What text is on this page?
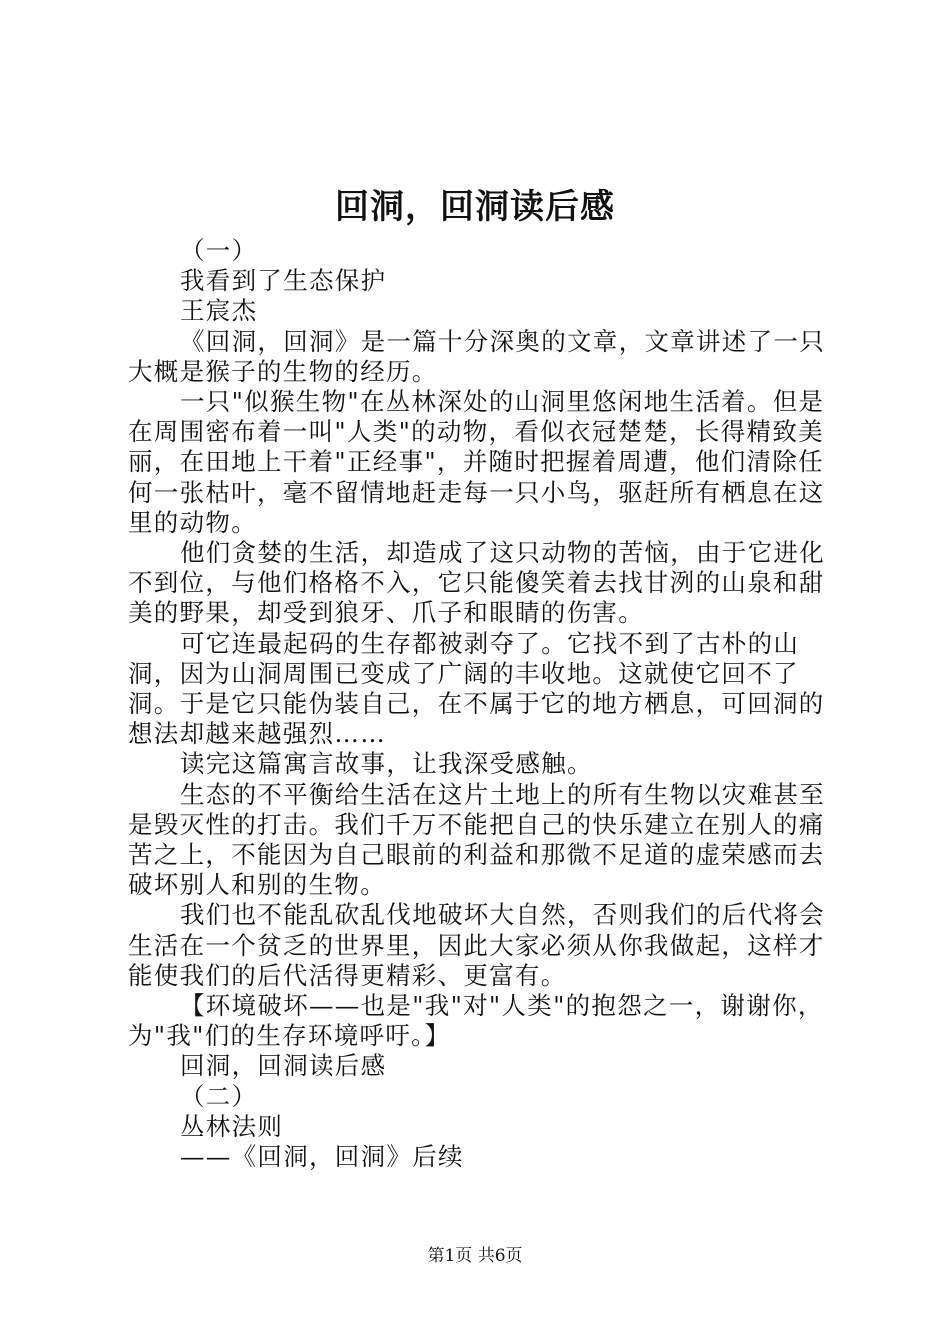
回洞，回洞读后感

（一）

我看到了生态保护

王宸杰

《回洞，回洞》是一篇十分深奥的文章，文章讲述了一只大概是猴子的生物的经历。

一只"似猴生物"在丛林深处的山洞里悠闲地生活着。但是在周围密布着一叫"人类"的动物，看似衣冠楚楚，长得精致美丽，在田地上干着"正经事"，并随时把握着周遭，他们清除任何一张枯叶，毫不留情地赶走每一只小鸟，驱赶所有栖息在这里的动物。

他们贪婪的生活，却造成了这只动物的苦恼，由于它进化不到位，与他们格格不入，它只能傻笑着去找甘洌的山泉和甜美的野果，却受到狼牙、爪子和眼睛的伤害。

可它连最起码的生存都被剥夺了。它找不到了古朴的山洞，因为山洞周围已变成了广阔的丰收地。这就使它回不了洞。于是它只能伪装自己，在不属于它的地方栖息，可回洞的想法却越来越强烈……

读完这篇寓言故事，让我深受感触。

生态的不平衡给生活在这片土地上的所有生物以灾难甚至是毁灭性的打击。我们千万不能把自己的快乐建立在别人的痛苦之上，不能因为自己眼前的利益和那微不足道的虚荣感而去破坏别人和别的生物。

我们也不能乱砍乱伐地破坏大自然，否则我们的后代将会生活在一个贫乏的世界里，因此大家必须从你我做起，这样才能使我们的后代活得更精彩、更富有。

【环境破坏——也是"我"对"人类"的抱怨之一，谢谢你，为"我"们的生存环境呼吁。】

回洞，回洞读后感

（二）

丛林法则

——《回洞，回洞》后续

第1页 共6页
